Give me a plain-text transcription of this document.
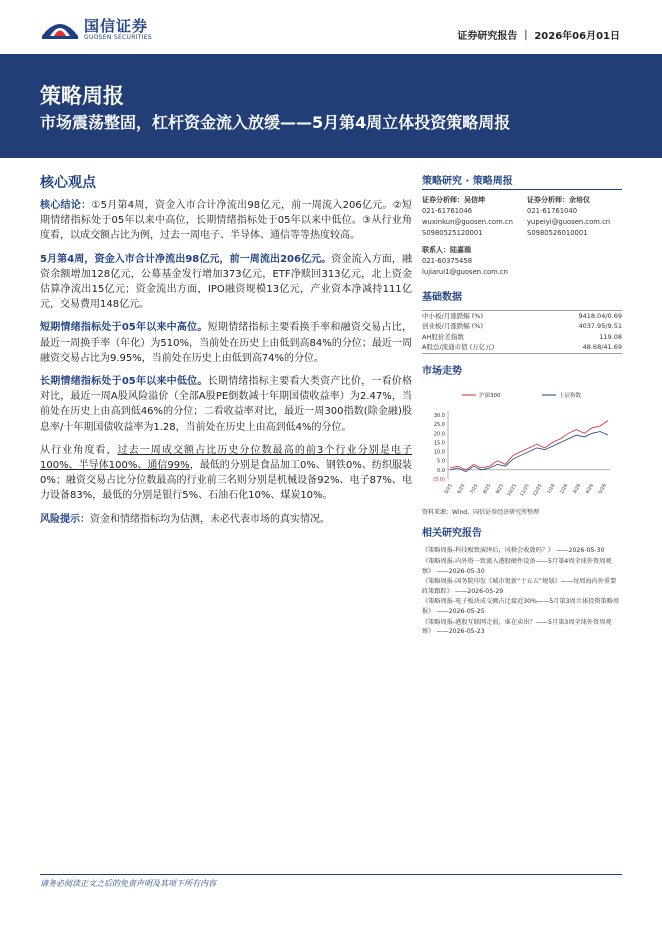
国信证券
GUOSEN SECURITIES	证券研究报告 ｜ 2026年06月01日
策略周报
市场震荡整固，杠杆资金流入放缓——5月第4周立体投资策略周报
核心观点
核心结论：①5月第4周，资金入市合计净流出98亿元，前一周流入206亿元。②短期情绪指标处于05年以来中高位，长期情绪指标处于05年以来中低位。③从行业角度看，以成交额占比为例，过去一周电子、半导体、通信等等热度较高。
5月第4周，资金入市合计净流出98亿元，前一周流出206亿元。资金流入方面，融资余额增加128亿元，公募基金发行增加373亿元，ETF净赎回313亿元，北上资金估算净流出15亿元；资金流出方面，IPO融资规模13亿元，产业资本净减持111亿元，交易费用148亿元。
短期情绪指标处于05年以来中高位。短期情绪指标主要看换手率和融资交易占比，最近一周换手率（年化）为510%，当前处在历史上由低到高84%的分位；最近一周融资交易占比为9.95%，当前处在历史上由低到高74%的分位。
长期情绪指标处于05年以来中低位。长期情绪指标主要看大类资产比价，一看价格对比，最近一周A股风险溢价（全部A股PE倒数减十年期国债收益率）为2.47%，当前处在历史上由高到低46%的分位；二看收益率对比，最近一周300指数(除金融)股息率/十年期国债收益率为1.28，当前处在历史上由高到低4%的分位。
从行业角度看，过去一周成交额占比历史分位数最高的前3个行业分别是电子100%、半导体100%、通信99%，最低的分别是食品加工0%、钢铁0%、纺织服装0%；融资交易占比分位数最高的行业前三名则分别是机械设备92%、电子87%、电力设备83%，最低的分别是银行5%、石油石化10%、煤炭10%。
风险提示：资金和情绪指标均为估测，未必代表市场的真实情况。
策略研究 · 策略周报
证券分析师：吴信坤
021-61761046
wuxinkun@guosen.com.cn
S0980525120001
证券分析师：余培仪
021-61761040
yupeiyi@guosen.com.cn
S0980526010001
联系人：陆嘉瑞
021-60375458
lujiarui1@guosen.com.cn
基础数据
中小板/月涨跌幅 (%)	9418.04/0.69
创业板/月涨跌幅 (%)	4037.95/9.51
AH股价差指数	119.08
A股总/流通市值 (万亿元)	48.68/41.69
市场走势
30.0
25.0
20.0
15.0
10.0
5.0
0.0
(5.0)
5/25 6/25 7/25 8/25 9/25 10/25 11/25 12/25 1/26 2/26 3/26 4/26 5/26
沪深300	上证指数
资料来源：Wind、国信证券经济研究所整理
相关研究报告
《策略周报-科技极致演绎后，风格会收敛吗？》 ——2026-05-30
《策略周报-内外资一致流入港股硬件设备——5月第4周全球外资周观察》 ——2026-05-30
《策略周报-国务院印发《城市更新“十五五”规划》——每周海内外重要政策跟踪》 ——2026-05-29
《策略周报-电子板块成交额占比接近30%——5月第3周立体投资策略周报》 ——2026-05-25
《策略周报-港股互联网走弱，谁在卖出？——5月第3周全球外资周观察》 ——2026-05-23
请务必阅读正文之后的免责声明及其项下所有内容
